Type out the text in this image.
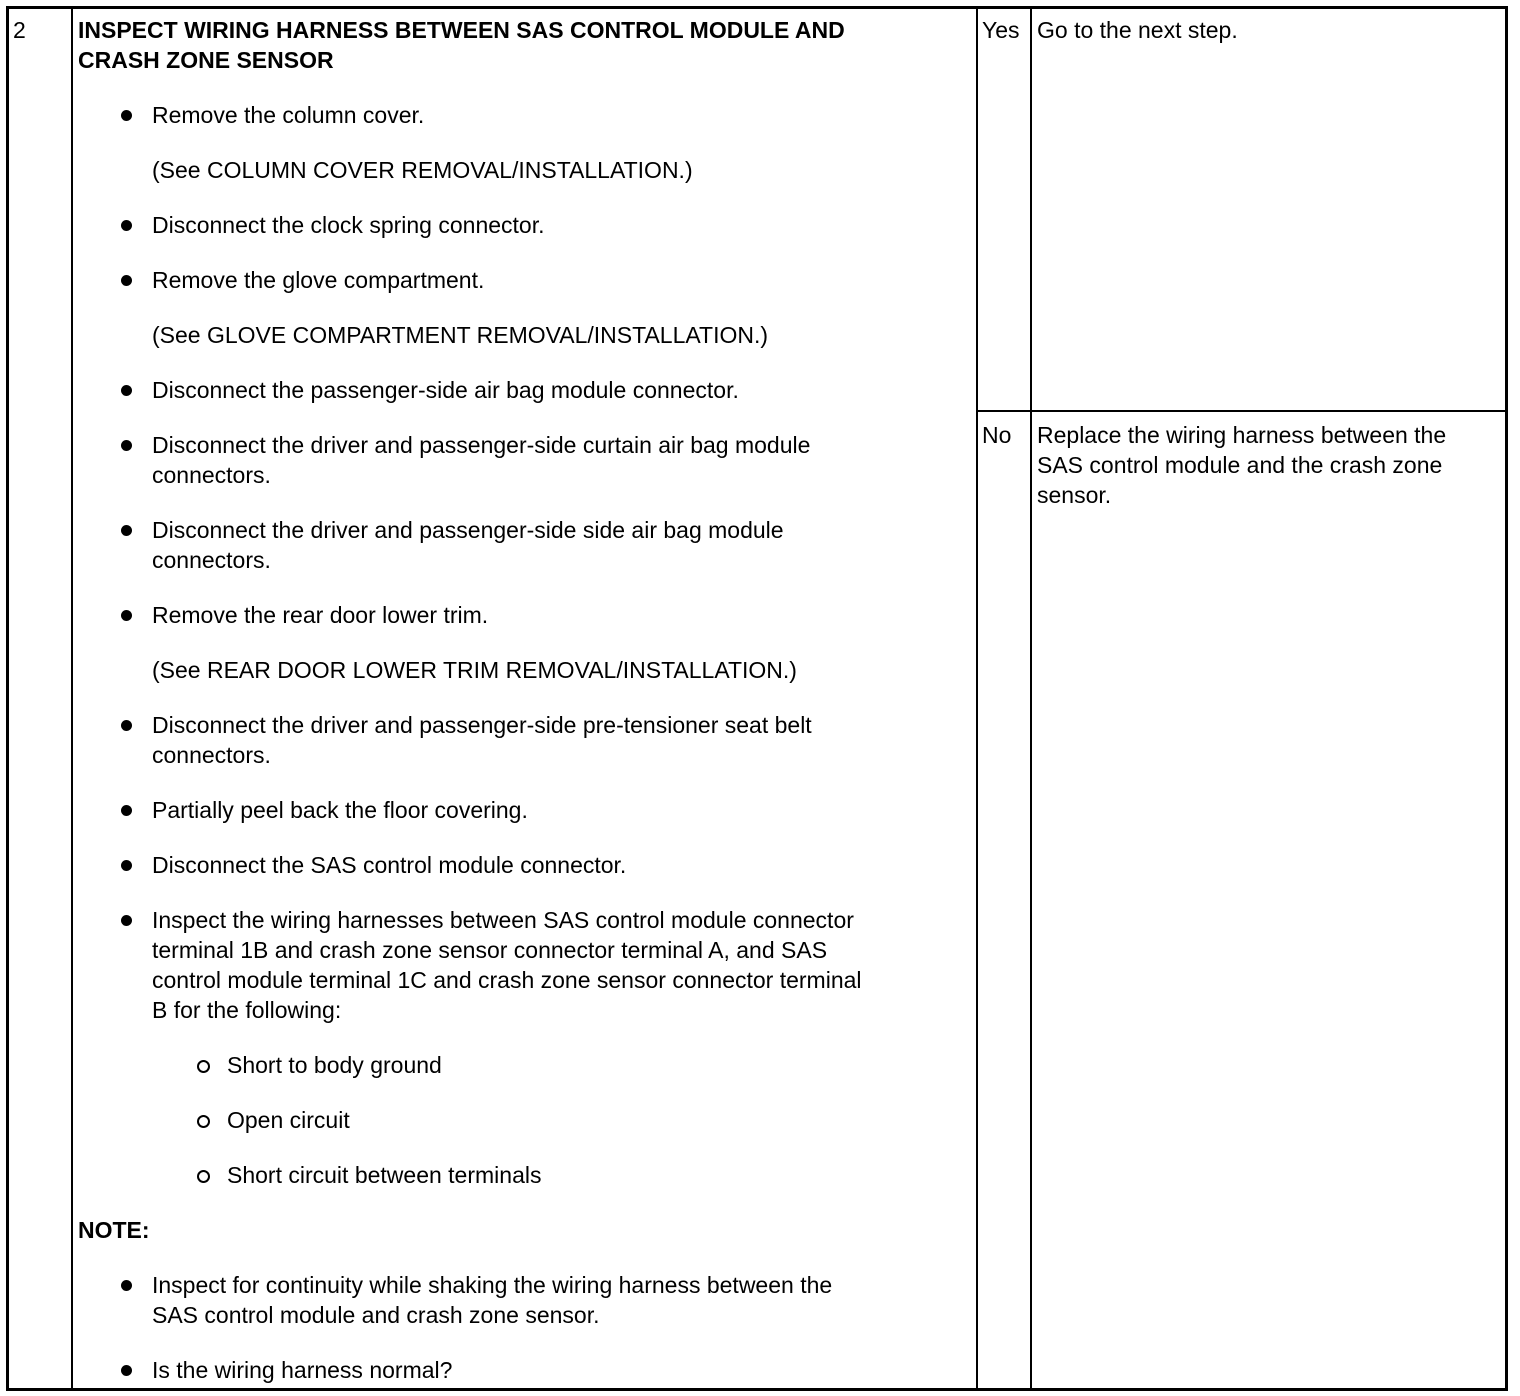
2 INSPECT WIRING HARNESS BETWEEN SAS CONTROL MODULE AND
CRASH ZONE SENSOR
Remove the column cover.
(See COLUMN COVER REMOVAL/INSTALLATION.)
Disconnect the clock spring connector.
Remove the glove compartment.
(See GLOVE COMPARTMENT REMOVAL/INSTALLATION.)
Disconnect the passenger-side air bag module connector.
Disconnect the driver and passenger-side curtain air bag module
connectors.
Disconnect the driver and passenger-side side air bag module
connectors.
Remove the rear door lower trim.
(See REAR DOOR LOWER TRIM REMOVAL/INSTALLATION.)
Disconnect the driver and passenger-side pre-tensioner seat belt
connectors.
Partially peel back the floor covering.
Disconnect the SAS control module connector.
Inspect the wiring harnesses between SAS control module connector
terminal 1B and crash zone sensor connector terminal A, and SAS
control module terminal 1C and crash zone sensor connector terminal
B for the following:
Short to body ground
Open circuit
Short circuit between terminals
NOTE:
Inspect for continuity while shaking the wiring harness between the
SAS control module and crash zone sensor.
Is the wiring harness normal?
Yes Go to the next step.
No Replace the wiring harness between the
SAS control module and the crash zone
sensor.
